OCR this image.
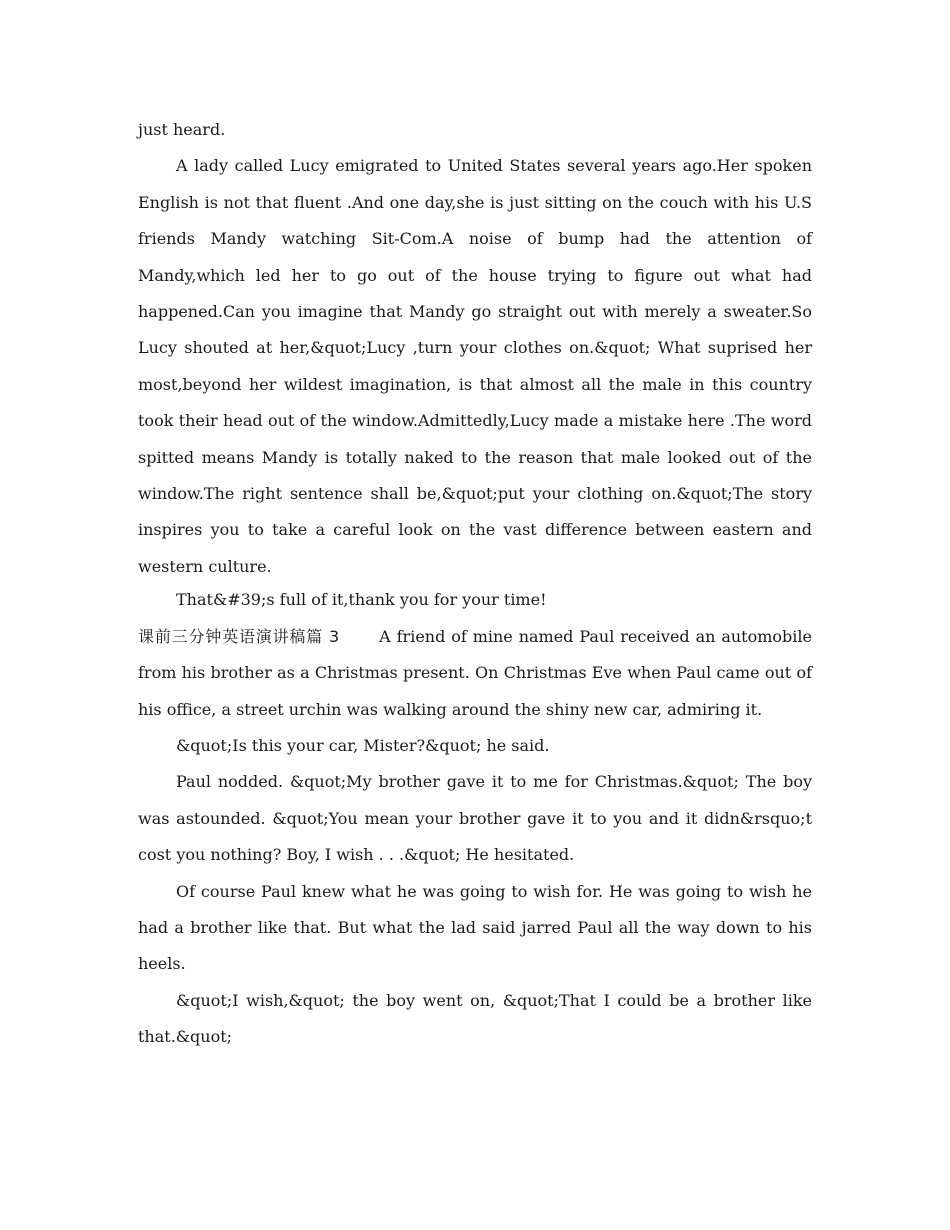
just heard.

A lady called Lucy emigrated to United States several years ago.Her spoken English is not that fluent .And one day,she is just sitting on the couch with his U.S friends Mandy watching Sit-Com.A noise of bump had the attention of Mandy,which led her to go out of the house trying to figure out what had happened.Can you imagine that Mandy go straight out with merely a sweater.So Lucy shouted at her,&quot;Lucy ,turn your clothes on.&quot; What suprised her most,beyond her wildest imagination, is that almost all the male in this country took their head out of the window.Admittedly,Lucy made a mistake here .The word spitted means Mandy is totally naked to the reason that male looked out of the window.The right sentence shall be,&quot;put your clothing on.&quot;The story inspires you to take a careful look on the vast difference between eastern and western culture.

That&#39;s full of it,thank you for your time!

课前三分钟英语演讲稿篇 3	A friend of mine named Paul received an automobile from his brother as a Christmas present. On Christmas Eve when Paul came out of his office, a street urchin was walking around the shiny new car, admiring it.

&quot;Is this your car, Mister?&quot; he said.

Paul nodded. &quot;My brother gave it to me for Christmas.&quot; The boy was astounded. &quot;You mean your brother gave it to you and it didn&rsquo;t cost you nothing? Boy, I wish . . .&quot; He hesitated.

Of course Paul knew what he was going to wish for. He was going to wish he had a brother like that. But what the lad said jarred Paul all the way down to his heels.

&quot;I wish,&quot; the boy went on, &quot;That I could be a brother like that.&quot;
